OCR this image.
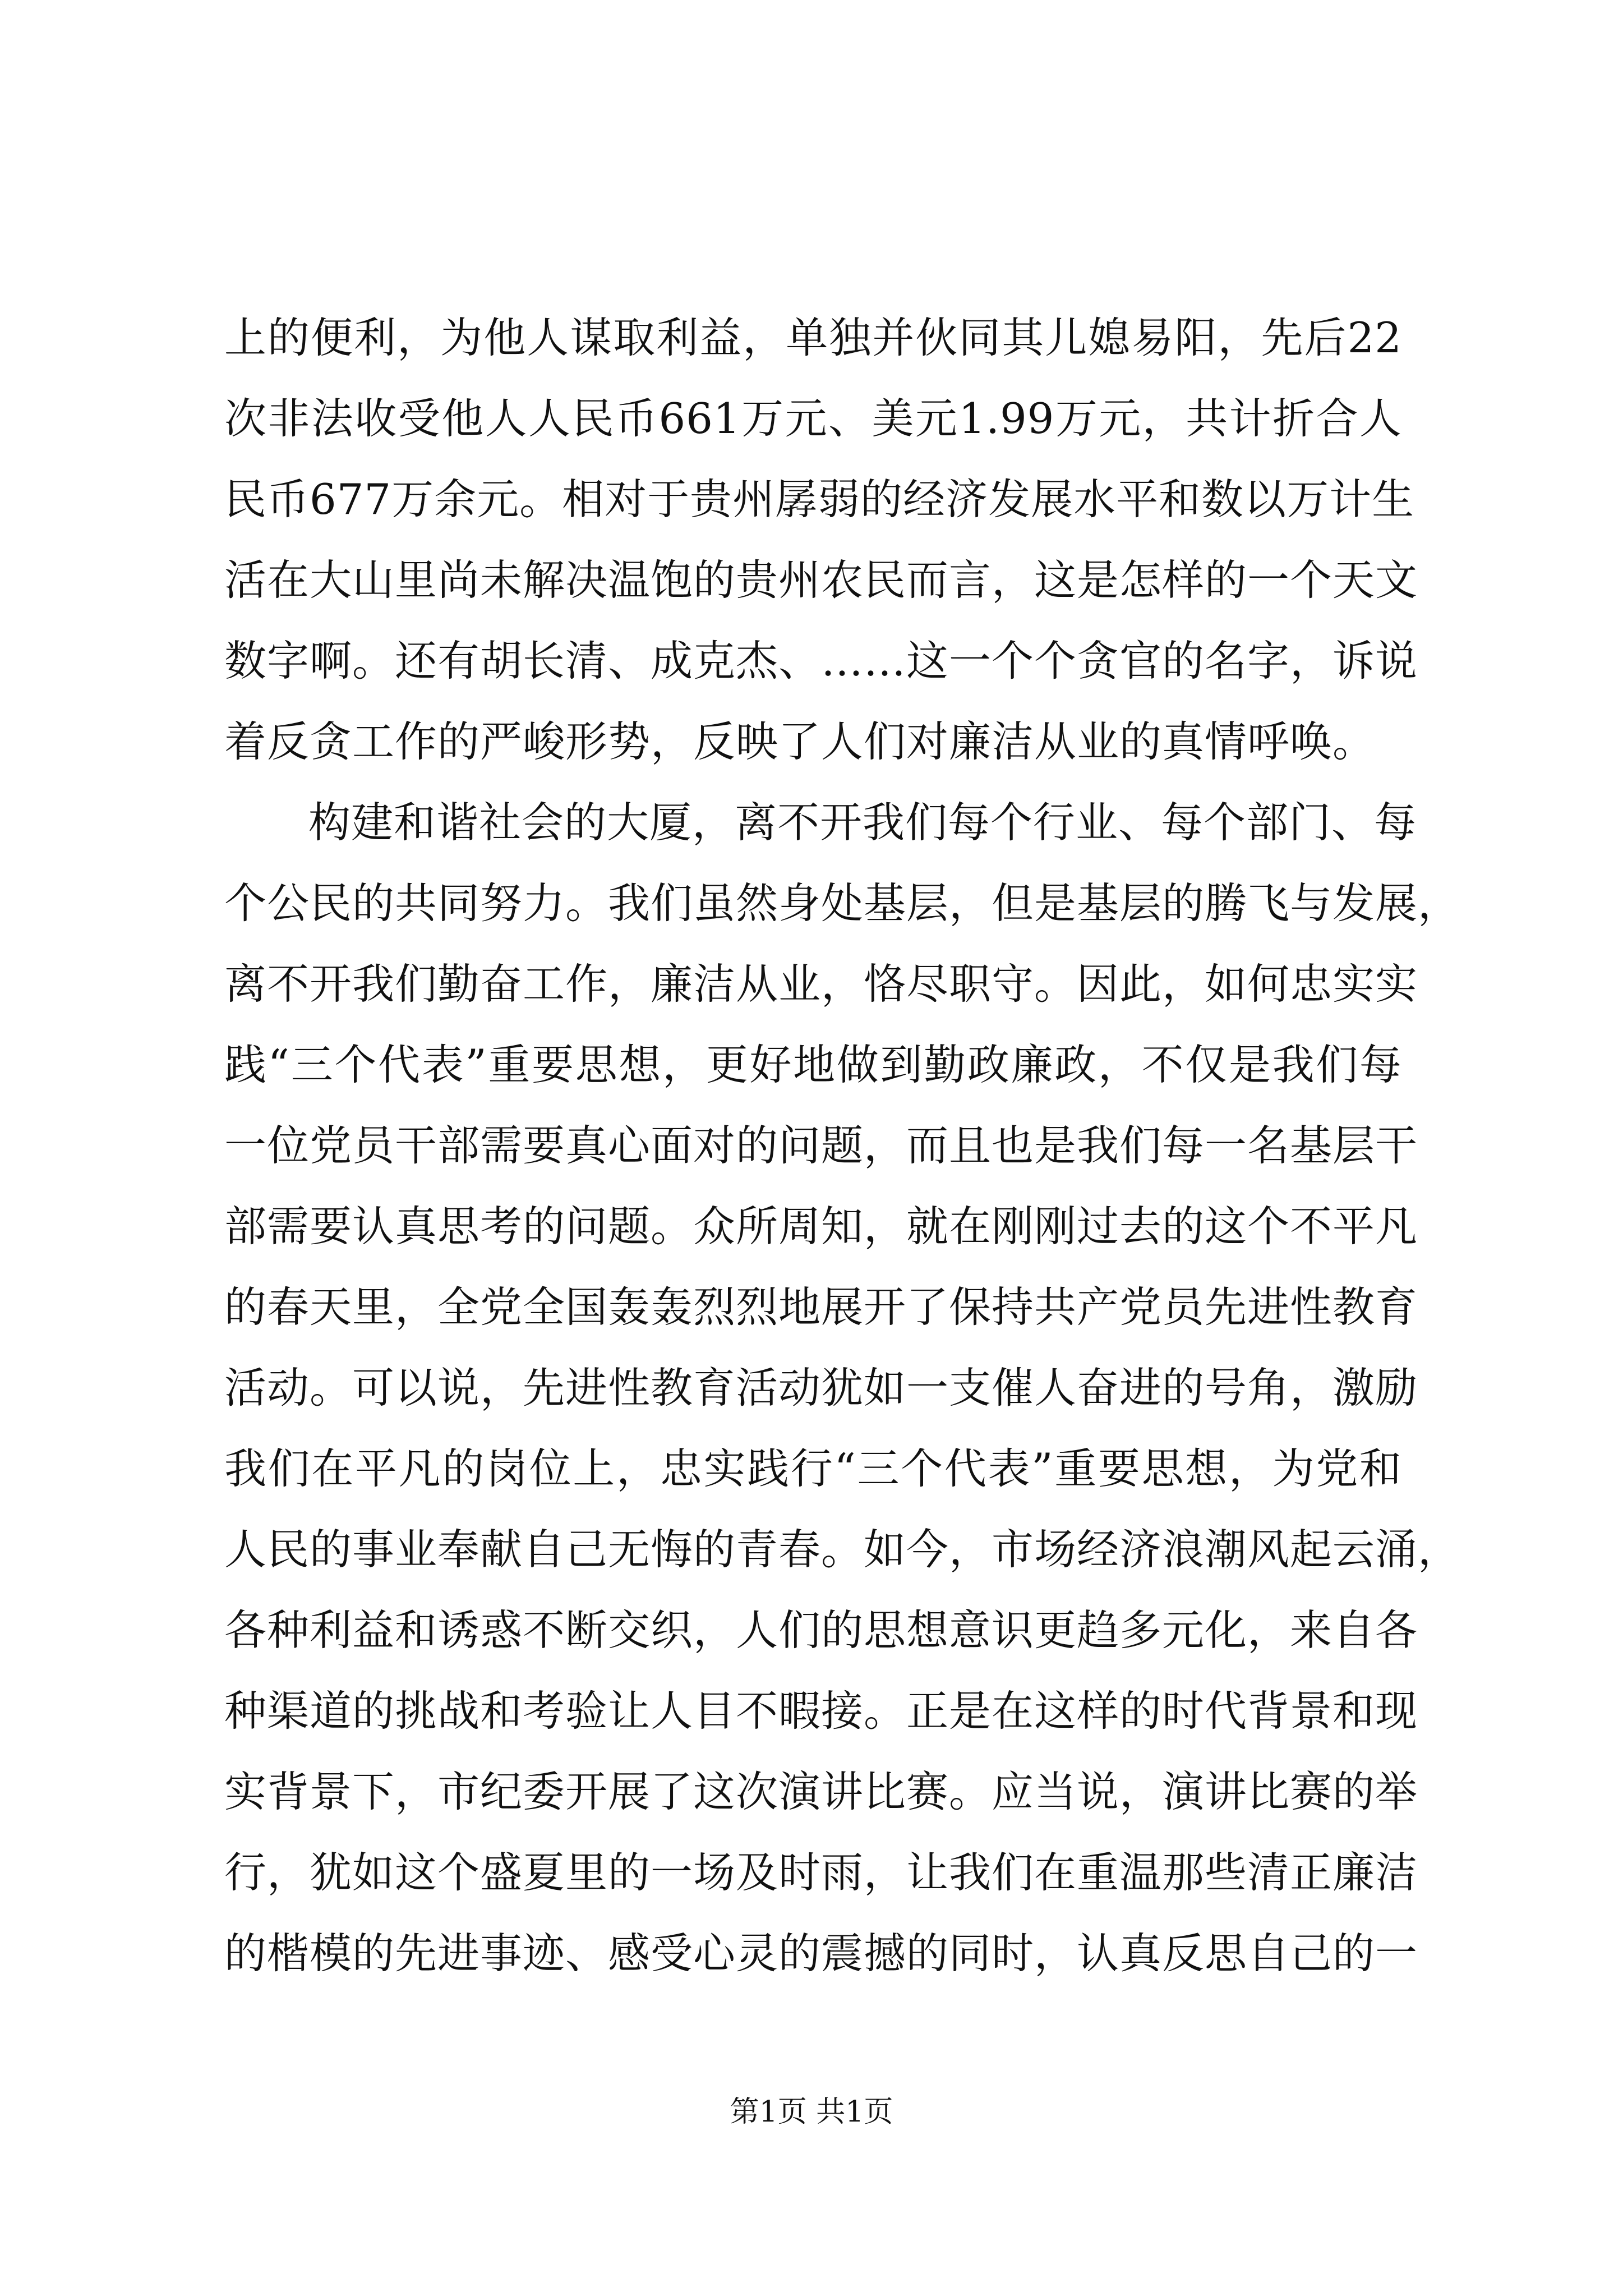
上的便利，为他人谋取利益，单独并伙同其儿媳易阳，先后22
次非法收受他人人民币661万元、美元1.99万元，共计折合人
民币677万余元。相对于贵州孱弱的经济发展水平和数以万计生
活在大山里尚未解决温饱的贵州农民而言，这是怎样的一个天文
数字啊。还有胡长清、成克杰、……这一个个贪官的名字，诉说
着反贪工作的严峻形势，反映了人们对廉洁从业的真情呼唤。
构建和谐社会的大厦，离不开我们每个行业、每个部门、每
个公民的共同努力。我们虽然身处基层，但是基层的腾飞与发展，
离不开我们勤奋工作，廉洁从业，恪尽职守。因此，如何忠实实
践“三个代表”重要思想，更好地做到勤政廉政，不仅是我们每
一位党员干部需要真心面对的问题，而且也是我们每一名基层干
部需要认真思考的问题。众所周知，就在刚刚过去的这个不平凡
的春天里，全党全国轰轰烈烈地展开了保持共产党员先进性教育
活动。可以说，先进性教育活动犹如一支催人奋进的号角，激励
我们在平凡的岗位上，忠实践行“三个代表”重要思想，为党和
人民的事业奉献自己无悔的青春。如今，市场经济浪潮风起云涌，
各种利益和诱惑不断交织，人们的思想意识更趋多元化，来自各
种渠道的挑战和考验让人目不暇接。正是在这样的时代背景和现
实背景下，市纪委开展了这次演讲比赛。应当说，演讲比赛的举
行，犹如这个盛夏里的一场及时雨，让我们在重温那些清正廉洁
的楷模的先进事迹、感受心灵的震撼的同时，认真反思自己的一
第1页 共1页
